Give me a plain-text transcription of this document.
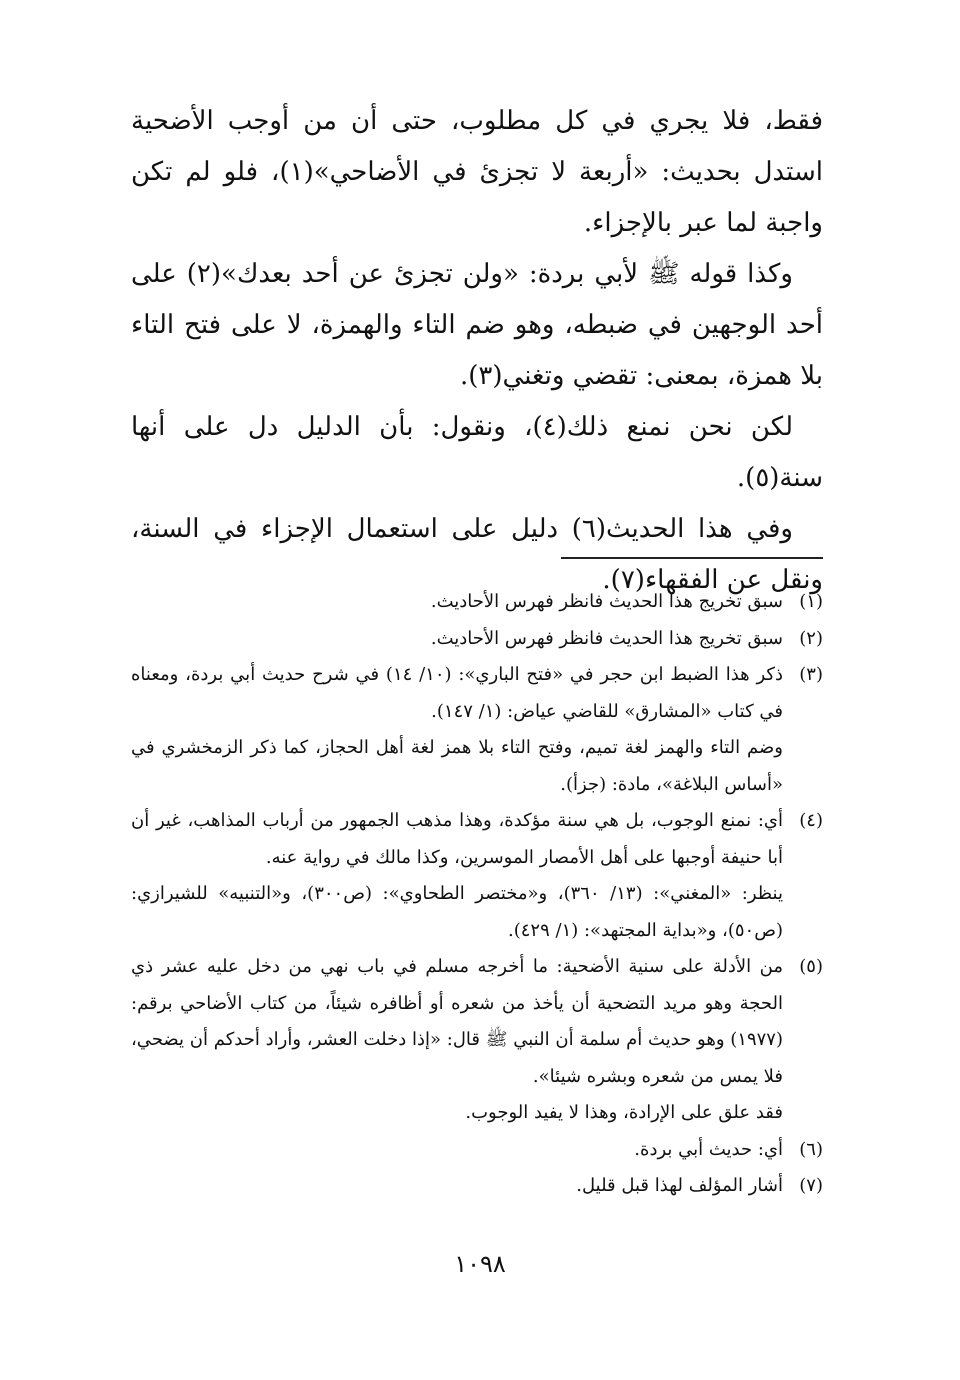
فقط، فلا يجري في كل مطلوب، حتى أن من أوجب الأضحية استدل بحديث: «أربعة لا تجزئ في الأضاحي»(١)، فلو لم تكن واجبة لما عبر بالإجزاء.

وكذا قوله ﷺ لأبي بردة: «ولن تجزئ عن أحد بعدك»(٢) على أحد الوجهين في ضبطه، وهو ضم التاء والهمزة، لا على فتح التاء بلا همزة، بمعنى: تقضي وتغني(٣).

لكن نحن نمنع ذلك(٤)، ونقول: بأن الدليل دل على أنها سنة(٥).

وفي هذا الحديث(٦) دليل على استعمال الإجزاء في السنة، ونقل عن الفقهاء(٧).

(١)

سبق تخريج هذا الحديث فانظر فهرس الأحاديث.

(٢)

سبق تخريج هذا الحديث فانظر فهرس الأحاديث.

(٣)

ذكر هذا الضبط ابن حجر في «فتح الباري»: (١٠/ ١٤) في شرح حديث أبي بردة، ومعناه في كتاب «المشارق» للقاضي عياض: (١/ ١٤٧).

وضم التاء والهمز لغة تميم، وفتح التاء بلا همز لغة أهل الحجاز، كما ذكر الزمخشري في «أساس البلاغة»، مادة: (جزأ).

(٤)

أي: نمنع الوجوب، بل هي سنة مؤكدة، وهذا مذهب الجمهور من أرباب المذاهب، غير أن أبا حنيفة أوجبها على أهل الأمصار الموسرين، وكذا مالك في رواية عنه.

ينظر: «المغني»: (١٣/ ٣٦٠)، و«مختصر الطحاوي»: (ص٣٠٠)، و«التنبيه» للشيرازي: (ص٥٠)، و«بداية المجتهد»: (١/ ٤٢٩).

(٥)

من الأدلة على سنية الأضحية: ما أخرجه مسلم في باب نهي من دخل عليه عشر ذي الحجة وهو مريد التضحية أن يأخذ من شعره أو أظافره شيئاً، من كتاب الأضاحي برقم: (١٩٧٧) وهو حديث أم سلمة أن النبي ﷺ قال: «إذا دخلت العشر، وأراد أحدكم أن يضحي، فلا يمس من شعره وبشره شيئا».

فقد علق على الإرادة، وهذا لا يفيد الوجوب.

(٦)

أي: حديث أبي بردة.

(٧)

أشار المؤلف لهذا قبل قليل.

١٠٩٨
